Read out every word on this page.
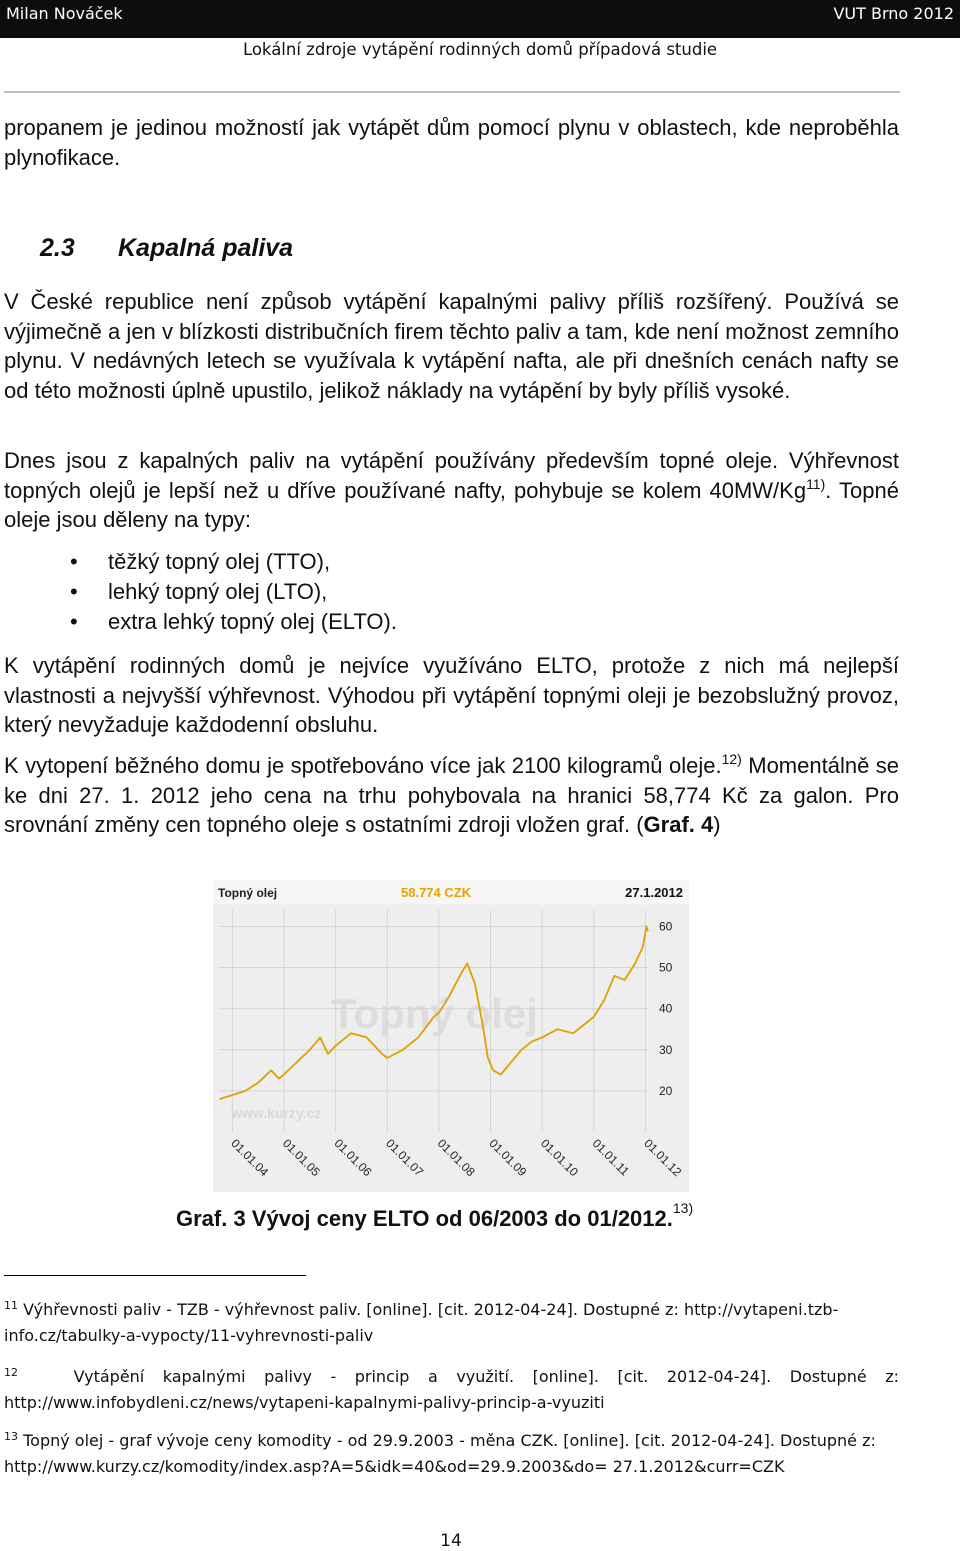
Milan Nováček	VUT Brno 2012
Lokální zdroje vytápění rodinných domů případová studie
propanem je jedinou možností jak vytápět dům pomocí plynu v oblastech, kde neproběhla plynofikace.
2.3 Kapalná paliva
V České republice není způsob vytápění kapalnými palivy příliš rozšířený. Používá se výjimečně a jen v blízkosti distribučních firem těchto paliv a tam, kde není možnost zemního plynu. V nedávných letech se využívala k vytápění nafta, ale při dnešních cenách nafty se od této možnosti úplně upustilo, jelikož náklady na vytápění by byly příliš vysoké.
Dnes jsou z kapalných paliv na vytápění používány především topné oleje. Výhřevnost topných olejů je lepší než u dříve používané nafty, pohybuje se kolem 40MW/Kg$^{11)}$. Topné oleje jsou děleny na typy:
• těžký topný olej (TTO),
• lehký topný olej (LTO),
• extra lehký topný olej (ELTO).
K vytápění rodinných domů je nejvíce využíváno ELTO, protože z nich má nejlepší vlastnosti a nejvyšší výhřevnost. Výhodou při vytápění topnými oleji je bezobslužný provoz, který nevyžaduje každodenní obsluhu.
K vytopení běžného domu je spotřebováno více jak 2100 kilogramů oleje.$^{12)}$ Momentálně se ke dni 27. 1. 2012 jeho cena na trhu pohybovala na hranici 58,774 Kč za galon. Pro srovnání změny cen topného oleje s ostatními zdroji vložen graf. (Graf. 4)
Topný olej	58.774 CZK	27.1.2012
Topný olej
www.kurzy.cz
60
50
40
30
20
01.01.04 01.01.05 01.01.06 01.01.07 01.01.08 01.01.09 01.01.10 01.01.11 01.01.12
Graf. 3 Vývoj ceny ELTO od 06/2003 do 01/2012.$^{13)}$
$^{11}$ Výhřevnosti paliv - TZB - výhřevnost paliv. [online]. [cit. 2012-04-24]. Dostupné z: http://vytapeni.tzb-info.cz/tabulky-a-vypocty/11-vyhrevnosti-paliv
$^{12}$	Vytápění kapalnými palivy - princip a využití. [online]. [cit. 2012-04-24]. Dostupné z: http://www.infobydleni.cz/news/vytapeni-kapalnymi-palivy-princip-a-vyuziti
$^{13}$ Topný olej - graf vývoje ceny komodity - od 29.9.2003 - měna CZK. [online]. [cit. 2012-04-24]. Dostupné z: http://www.kurzy.cz/komodity/index.asp?A=5&idk=40&od=29.9.2003&do= 27.1.2012&curr=CZK
14
